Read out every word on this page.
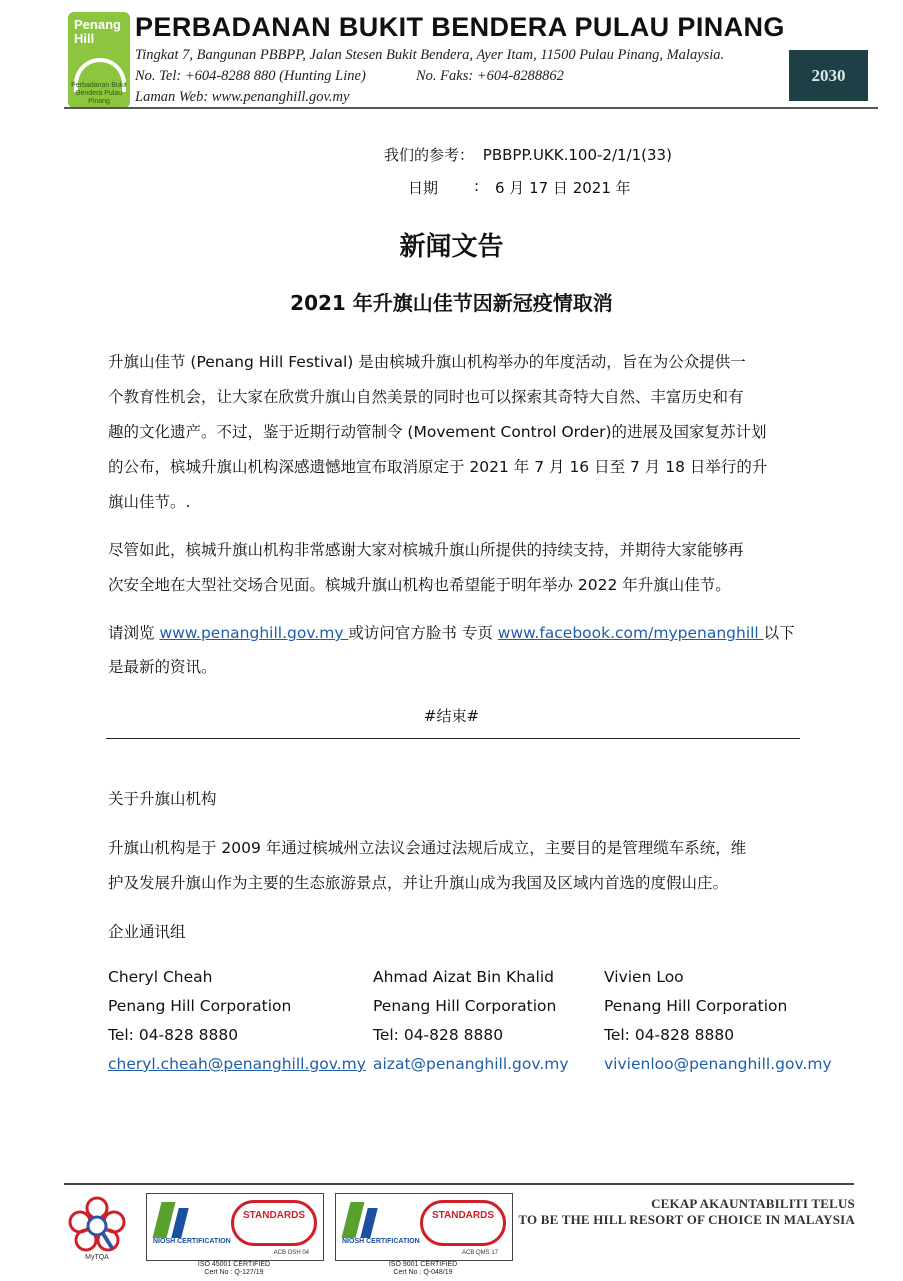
Penang Hill
Perbadanan Bukit Bendera Pulau Pinang
PERBADANAN BUKIT BENDERA PULAU PINANG
Tingkat 7, Bangunan PBBPP, Jalan Stesen Bukit Bendera, Ayer Itam, 11500 Pulau Pinang, Malaysia.
No. Tel: +604-8288 880 (Hunting Line)	No. Faks: +604-8288862
Laman Web: www.penanghill.gov.my
2030
我们的参考： PBBPP.UKK.100-2/1/1(33)
日期 : 6 月 17 日 2021 年
新闻文告
2021 年升旗山佳节因新冠疫情取消
升旗山佳节 (Penang Hill Festival) 是由槟城升旗山机构举办的年度活动，旨在为公众提供一
个教育性机会，让大家在欣赏升旗山自然美景的同时也可以探索其奇特大自然、丰富历史和有
趣的文化遗产。不过，鉴于近期行动管制令 (Movement Control Order)的进展及国家复苏计划
的公布，槟城升旗山机构深感遗憾地宣布取消原定于 2021 年 7 月 16 日至 7 月 18 日举行的升
旗山佳节。.
尽管如此，槟城升旗山机构非常感谢大家对槟城升旗山所提供的持续支持，并期待大家能够再
次安全地在大型社交场合见面。槟城升旗山机构也希望能于明年举办 2022 年升旗山佳节。
请浏览 www.penanghill.gov.my 或访问官方脸书 专页 www.facebook.com/mypenanghill 以下
是最新的资讯。
#结束#
关于升旗山机构
升旗山机构是于 2009 年通过槟城州立法议会通过法规后成立，主要目的是管理缆车系统，维
护及发展升旗山作为主要的生态旅游景点，并让升旗山成为我国及区域内首选的度假山庄。
企业通讯组
Cheryl Cheah
Penang Hill Corporation
Tel: 04-828 8880
cheryl.cheah@penanghill.gov.my
Ahmad Aizat Bin Khalid
Penang Hill Corporation
Tel: 04-828 8880
aizat@penanghill.gov.my
Vivien Loo
Penang Hill Corporation
Tel: 04-828 8880
vivienloo@penanghill.gov.my
MyTQA
NIOSH CERTIFICATION
STANDARDS
ACB OSH 04
ISO 45001 CERTIFIED
Cert No : Q-127/19
NIOSH CERTIFICATION
STANDARDS
ACB QMS 17
ISO 9001 CERTIFIED
Cert No : Q-048/19
CEKAP AKAUNTABILITI TELUS
TO BE THE HILL RESORT OF CHOICE IN MALAYSIA
